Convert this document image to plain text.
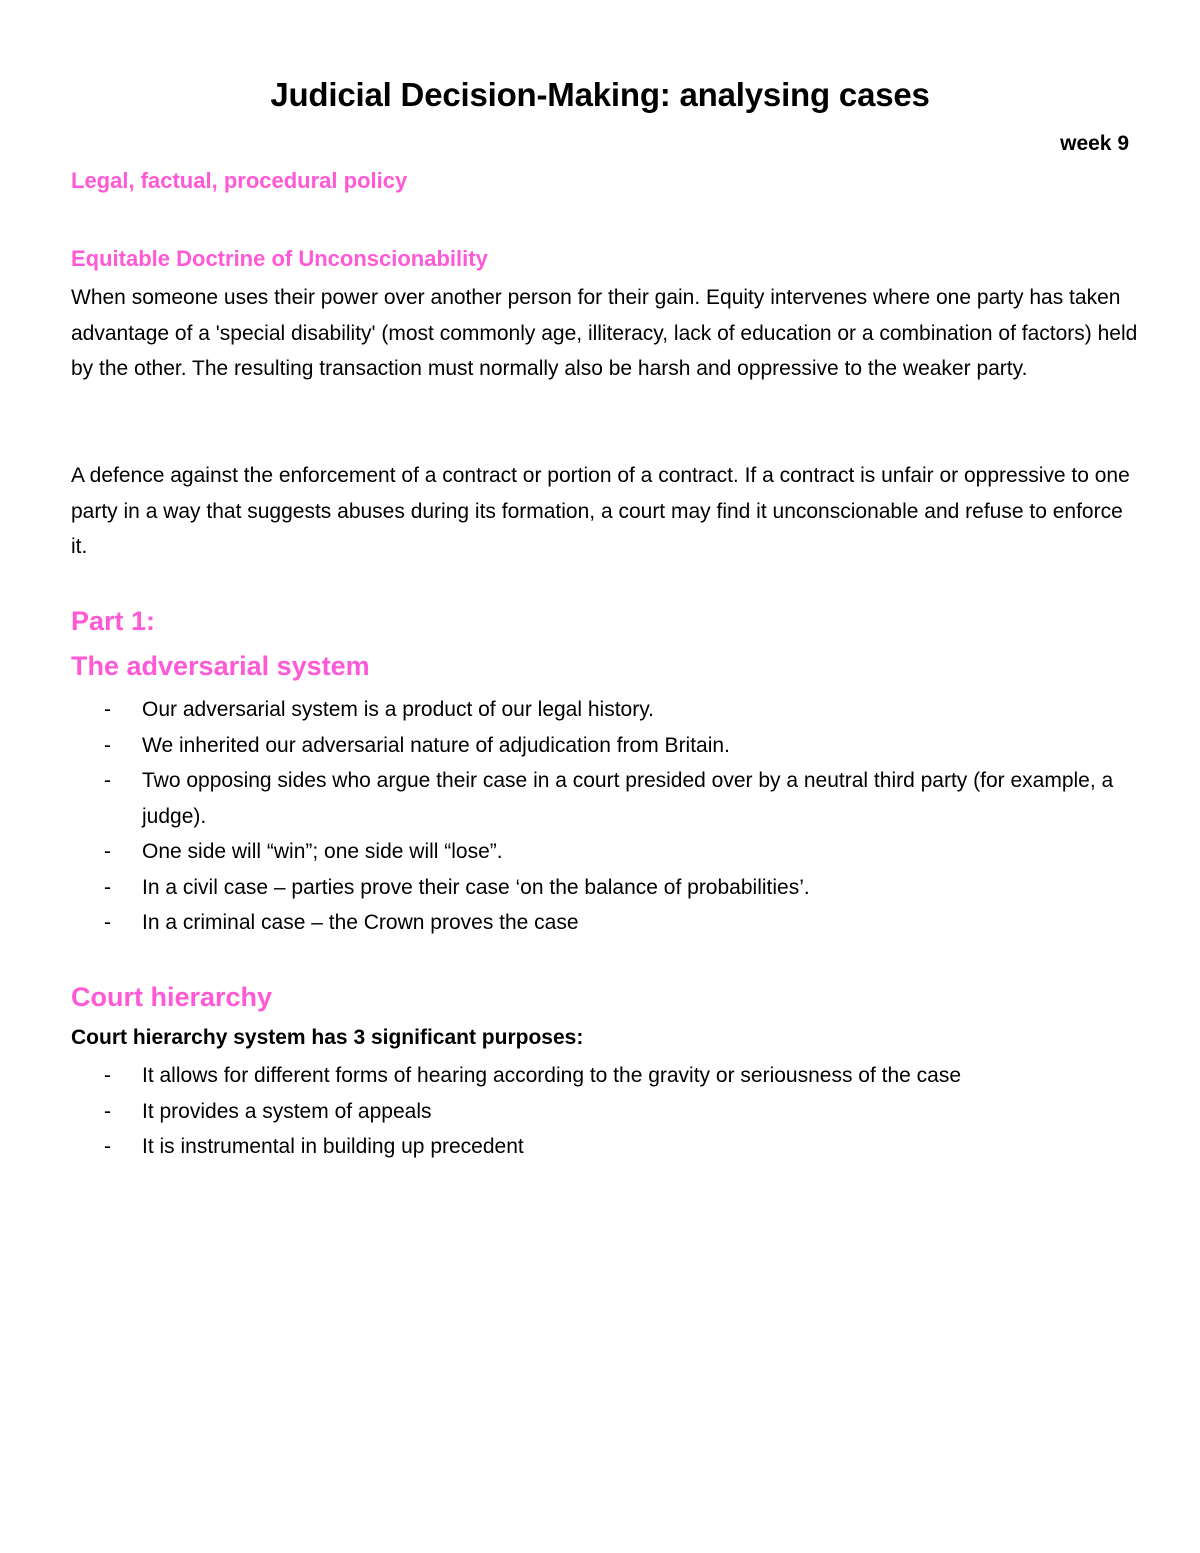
Judicial Decision-Making: analysing cases
week 9
Legal, factual, procedural policy
Equitable Doctrine of Unconscionability

When someone uses their power over another person for their gain. Equity intervenes where one party has taken advantage of a 'special disability' (most commonly age, illiteracy, lack of education or a combination of factors) held by the other. The resulting transaction must normally also be harsh and oppressive to the weaker party.

A defence against the enforcement of a contract or portion of a contract. If a contract is unfair or oppressive to one party in a way that suggests abuses during its formation, a court may find it unconscionable and refuse to enforce it.

Part 1:
The adversarial system
- Our adversarial system is a product of our legal history.
- We inherited our adversarial nature of adjudication from Britain.
- Two opposing sides who argue their case in a court presided over by a neutral third party (for example, a judge).
- One side will “win”; one side will “lose”.
- In a civil case – parties prove their case ‘on the balance of probabilities’.
- In a criminal case – the Crown proves the case
Court hierarchy
Court hierarchy system has 3 significant purposes:
- It allows for different forms of hearing according to the gravity or seriousness of the case
- It provides a system of appeals
- It is instrumental in building up precedent
